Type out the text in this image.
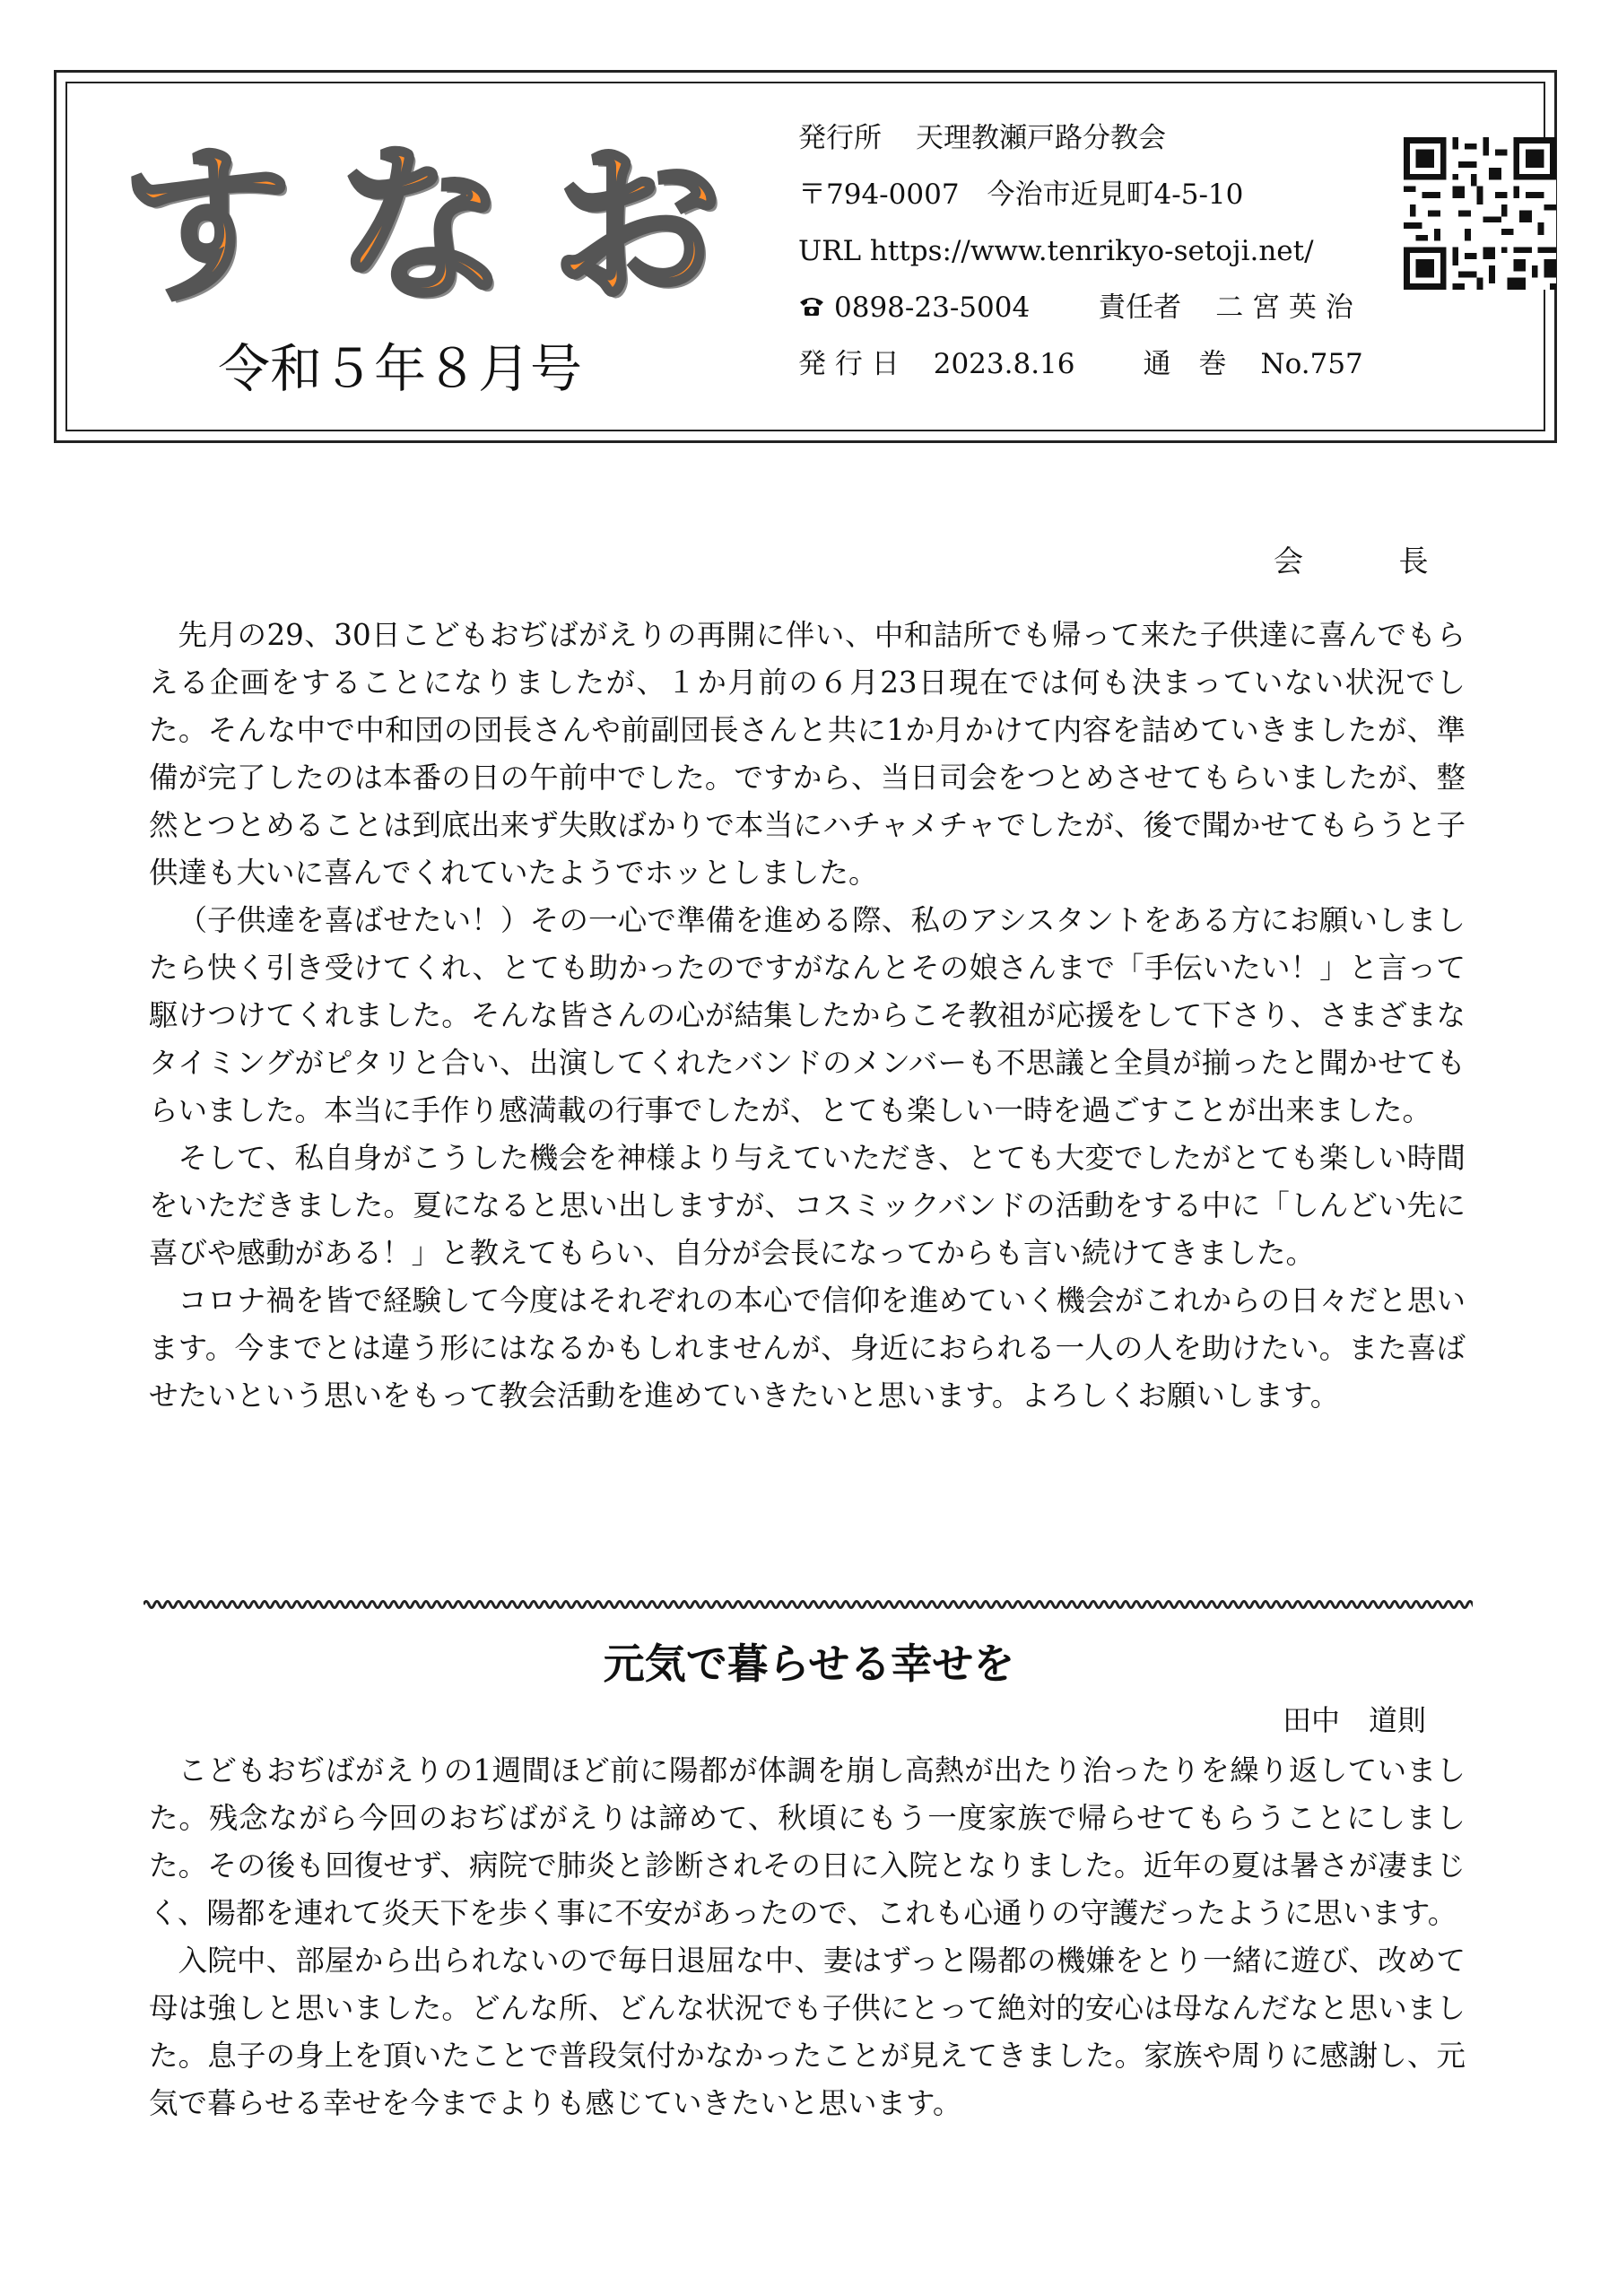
すなお
令和５年８月号
発行所 天理教瀬戸路分教会
〒794-0007　今治市近見町4-5-10
URL https://www.tenrikyo-setoji.net/
0898-23-5004 責任者 二 宮 英 治
発 行 日 2023.8.16 通　巻 No.757
会 長

先月の29、30日こどもおぢばがえりの再開に伴い、中和詰所でも帰って来た子供達に喜んでもらえる企画をすることになりましたが、１か月前の６月23日現在では何も決まっていない状況でした。そんな中で中和団の団長さんや前副団長さんと共に1か月かけて内容を詰めていきましたが、準備が完了したのは本番の日の午前中でした。ですから、当日司会をつとめさせてもらいましたが、整然とつとめることは到底出来ず失敗ばかりで本当にハチャメチャでしたが、後で聞かせてもらうと子供達も大いに喜んでくれていたようでホッとしました。

（子供達を喜ばせたい！）その一心で準備を進める際、私のアシスタントをある方にお願いしましたら快く引き受けてくれ、とても助かったのですがなんとその娘さんまで「手伝いたい！」と言って駆けつけてくれました。そんな皆さんの心が結集したからこそ教祖が応援をして下さり、さまざまなタイミングがピタリと合い、出演してくれたバンドのメンバーも不思議と全員が揃ったと聞かせてもらいました。本当に手作り感満載の行事でしたが、とても楽しい一時を過ごすことが出来ました。

そして、私自身がこうした機会を神様より与えていただき、とても大変でしたがとても楽しい時間をいただきました。夏になると思い出しますが、コスミックバンドの活動をする中に「しんどい先に喜びや感動がある！」と教えてもらい、自分が会長になってからも言い続けてきました。

コロナ禍を皆で経験して今度はそれぞれの本心で信仰を進めていく機会がこれからの日々だと思います。今までとは違う形にはなるかもしれませんが、身近におられる一人の人を助けたい。また喜ばせたいという思いをもって教会活動を進めていきたいと思います。よろしくお願いします。

元気で暮らせる幸せを
田中　道則

こどもおぢばがえりの1週間ほど前に陽都が体調を崩し高熱が出たり治ったりを繰り返していました。残念ながら今回のおぢばがえりは諦めて、秋頃にもう一度家族で帰らせてもらうことにしました。その後も回復せず、病院で肺炎と診断されその日に入院となりました。近年の夏は暑さが凄まじく、陽都を連れて炎天下を歩く事に不安があったので、これも心通りの守護だったように思います。

入院中、部屋から出られないので毎日退屈な中、妻はずっと陽都の機嫌をとり一緒に遊び、改めて母は強しと思いました。どんな所、どんな状況でも子供にとって絶対的安心は母なんだなと思いました。息子の身上を頂いたことで普段気付かなかったことが見えてきました。家族や周りに感謝し、元気で暮らせる幸せを今までよりも感じていきたいと思います。
